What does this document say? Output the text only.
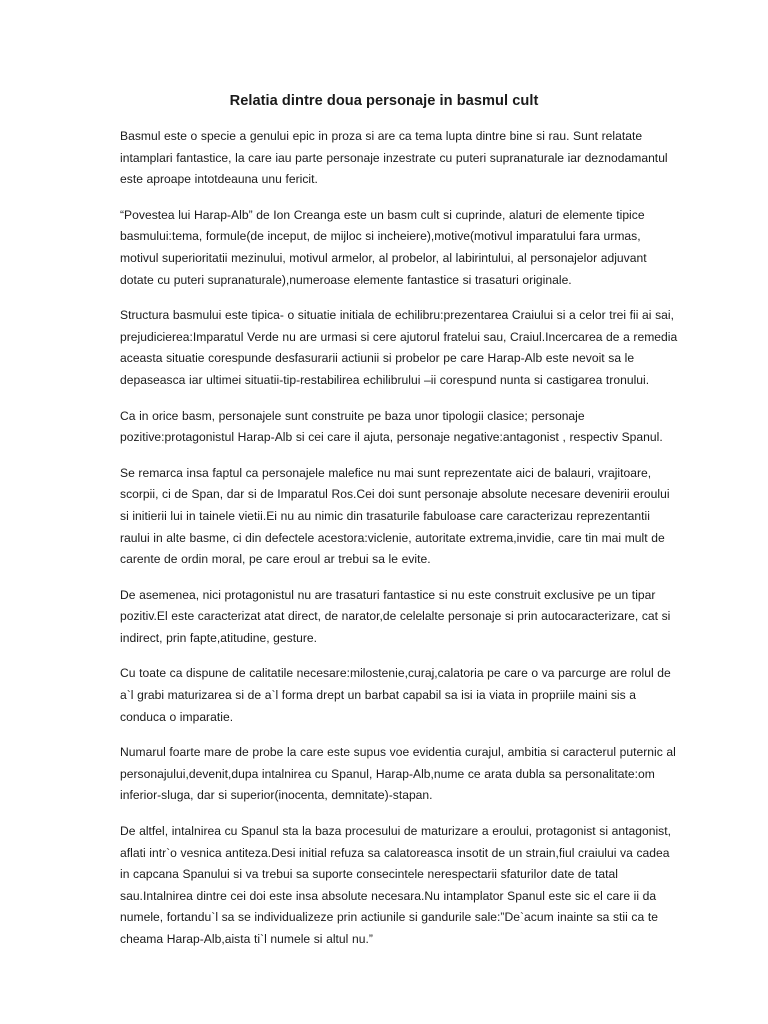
Relatia dintre doua personaje in basmul cult

Basmul este o specie a genului epic in proza si are ca tema lupta dintre bine si rau. Sunt relatate intamplari fantastice, la care iau parte personaje inzestrate cu puteri supranaturale iar deznodamantul este aproape intotdeauna unu fericit.

“Povestea lui Harap-Alb” de Ion Creanga este un basm cult si cuprinde, alaturi de elemente tipice basmului:tema, formule(de inceput, de mijloc si incheiere),motive(motivul imparatului fara urmas, motivul superioritatii mezinului, motivul armelor, al probelor, al labirintului, al personajelor adjuvant dotate cu puteri supranaturale),numeroase elemente fantastice si trasaturi originale.

Structura basmului este tipica- o situatie initiala de echilibru:prezentarea Craiului si a celor trei fii ai sai, prejudicierea:Imparatul Verde nu are urmasi si cere ajutorul fratelui sau, Craiul.Incercarea de a remedia aceasta situatie corespunde desfasurarii actiunii si probelor pe care Harap-Alb este nevoit sa le depaseasca iar ultimei situatii-tip-restabilirea echilibrului –ii corespund nunta si castigarea tronului.

Ca in orice basm, personajele sunt construite pe baza unor tipologii clasice; personaje pozitive:protagonistul Harap-Alb si cei care il ajuta, personaje negative:antagonist , respectiv Spanul.

Se remarca insa faptul ca personajele malefice nu mai sunt reprezentate aici de balauri, vrajitoare, scorpii, ci de Span, dar si de Imparatul Ros.Cei doi sunt personaje absolute necesare devenirii eroului si initierii lui in tainele vietii.Ei nu au nimic din trasaturile fabuloase care caracterizau reprezentantii raului in alte basme, ci din defectele acestora:viclenie, autoritate extrema,invidie, care tin mai mult de carente de ordin moral, pe care eroul ar trebui sa le evite.

De asemenea, nici protagonistul nu are trasaturi fantastice si nu este construit exclusive pe un tipar pozitiv.El este caracterizat atat direct, de narator,de celelalte personaje si prin autocaracterizare, cat si indirect, prin fapte,atitudine, gesture.

Cu toate ca dispune de calitatile necesare:milostenie,curaj,calatoria pe care o va parcurge are rolul de a`l grabi maturizarea si de a`l forma drept un barbat capabil sa isi ia viata in propriile maini sis a conduca o imparatie.

Numarul foarte mare de probe la care este supus voe evidentia curajul, ambitia si caracterul puternic al personajului,devenit,dupa intalnirea cu Spanul, Harap-Alb,nume ce arata dubla sa personalitate:om inferior-sluga, dar si superior(inocenta, demnitate)-stapan.

De altfel, intalnirea cu Spanul sta la baza procesului de maturizare a eroului, protagonist si antagonist, aflati intr`o vesnica antiteza.Desi initial refuza sa calatoreasca insotit de un strain,fiul craiului va cadea in capcana Spanului si va trebui sa suporte consecintele nerespectarii sfaturilor date de tatal sau.Intalnirea dintre cei doi este insa absolute necesara.Nu intamplator Spanul este sic el care ii da numele, fortandu`l sa se individualizeze prin actiunile si gandurile sale:”De`acum inainte sa stii ca te cheama Harap-Alb,aista ti`l numele si altul nu.”
